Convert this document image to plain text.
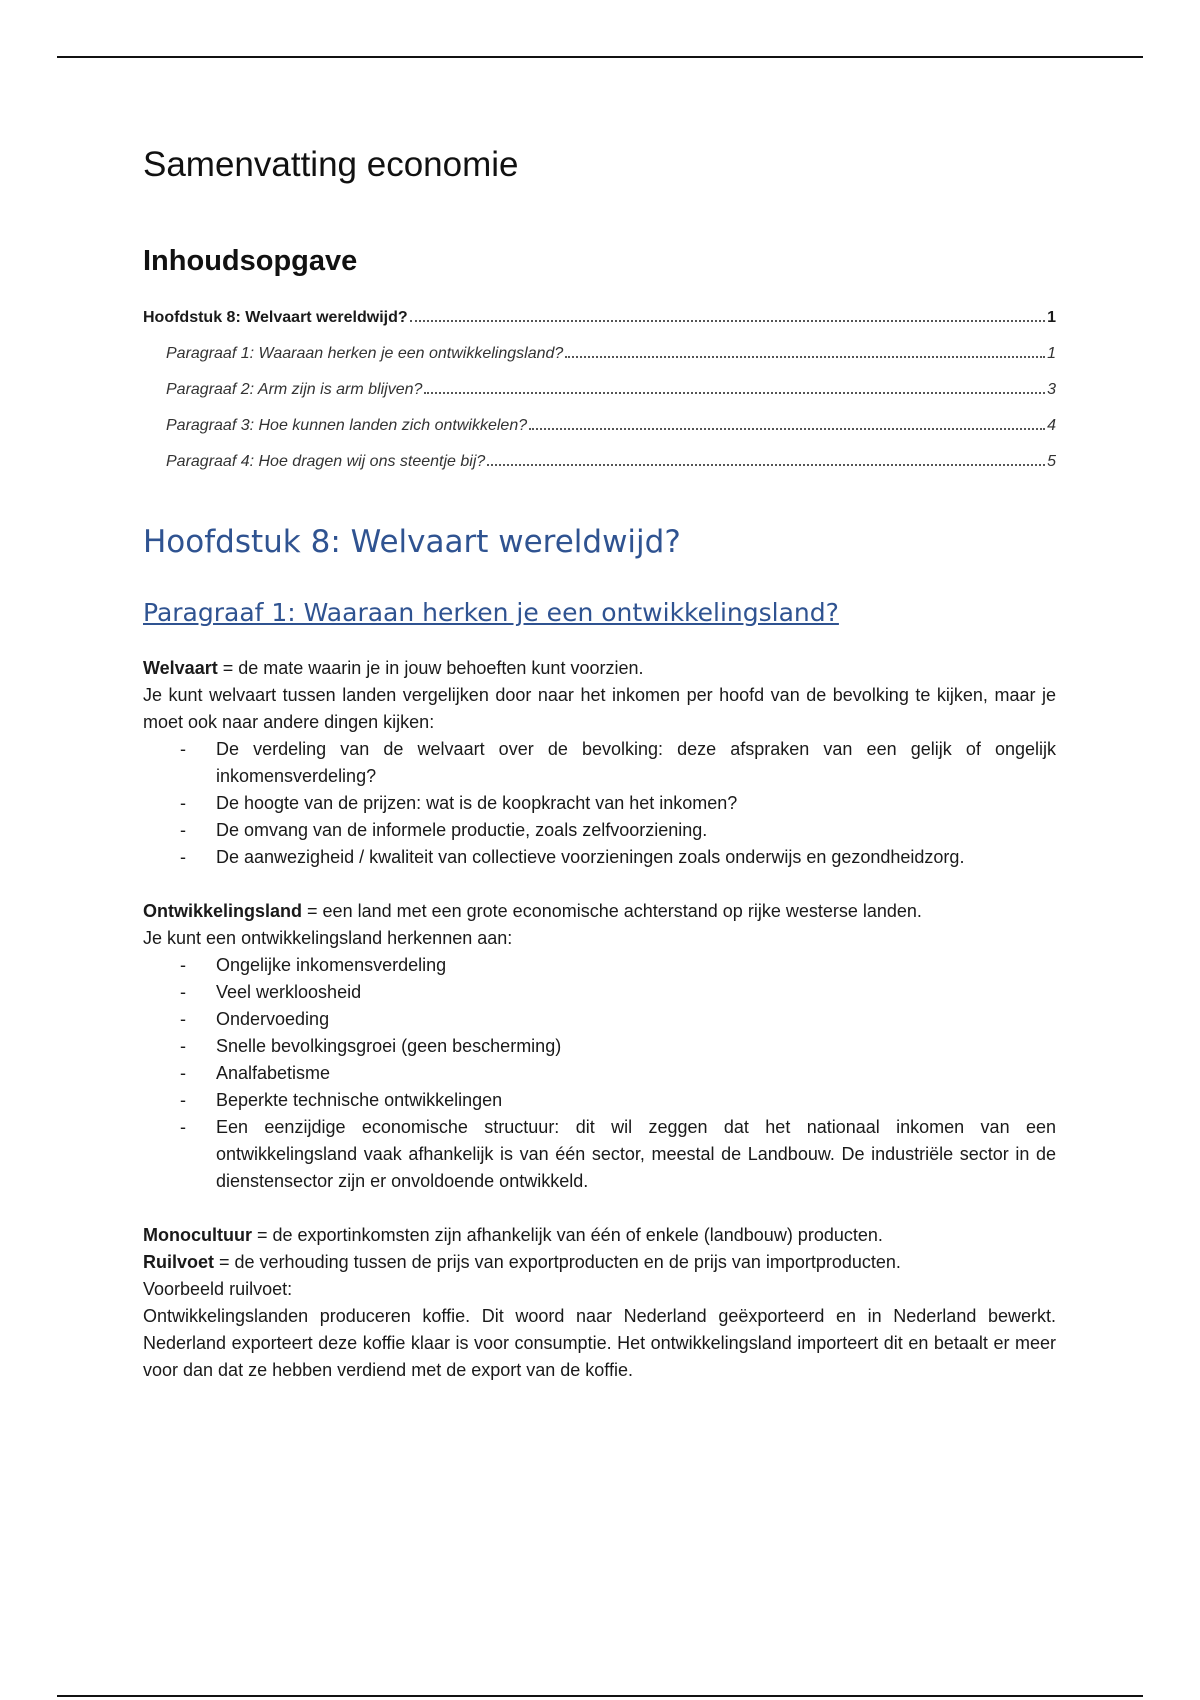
Samenvatting economie
Inhoudsopgave
Hoofdstuk 8: Welvaart wereldwijd?	1
Paragraaf 1: Waaraan herken je een ontwikkelingsland?	1
Paragraaf 2: Arm zijn is arm blijven?	3
Paragraaf 3: Hoe kunnen landen zich ontwikkelen?	4
Paragraaf 4: Hoe dragen wij ons steentje bij?	5
Hoofdstuk 8: Welvaart wereldwijd?
Paragraaf 1: Waaraan herken je een ontwikkelingsland?

Welvaart = de mate waarin je in jouw behoeften kunt voorzien.

Je kunt welvaart tussen landen vergelijken door naar het inkomen per hoofd van de bevolking te kijken, maar je moet ook naar andere dingen kijken:

- De verdeling van de welvaart over de bevolking: deze afspraken van een gelijk of ongelijk inkomensverdeling?
- De hoogte van de prijzen: wat is de koopkracht van het inkomen?
- De omvang van de informele productie, zoals zelfvoorziening.
- De aanwezigheid / kwaliteit van collectieve voorzieningen zoals onderwijs en gezondheidzorg.

Ontwikkelingsland = een land met een grote economische achterstand op rijke westerse landen.

Je kunt een ontwikkelingsland herkennen aan:

- Ongelijke inkomensverdeling
- Veel werkloosheid
- Ondervoeding
- Snelle bevolkingsgroei (geen bescherming)
- Analfabetisme
- Beperkte technische ontwikkelingen
- Een eenzijdige economische structuur: dit wil zeggen dat het nationaal inkomen van een ontwikkelingsland vaak afhankelijk is van één sector, meestal de Landbouw. De industriële sector in de dienstensector zijn er onvoldoende ontwikkeld.

Monocultuur = de exportinkomsten zijn afhankelijk van één of enkele (landbouw) producten.

Ruilvoet = de verhouding tussen de prijs van exportproducten en de prijs van importproducten.

Voorbeeld ruilvoet:

Ontwikkelingslanden produceren koffie. Dit woord naar Nederland geëxporteerd en in Nederland bewerkt. Nederland exporteert deze koffie klaar is voor consumptie. Het ontwikkelingsland importeert dit en betaalt er meer voor dan dat ze hebben verdiend met de export van de koffie.
